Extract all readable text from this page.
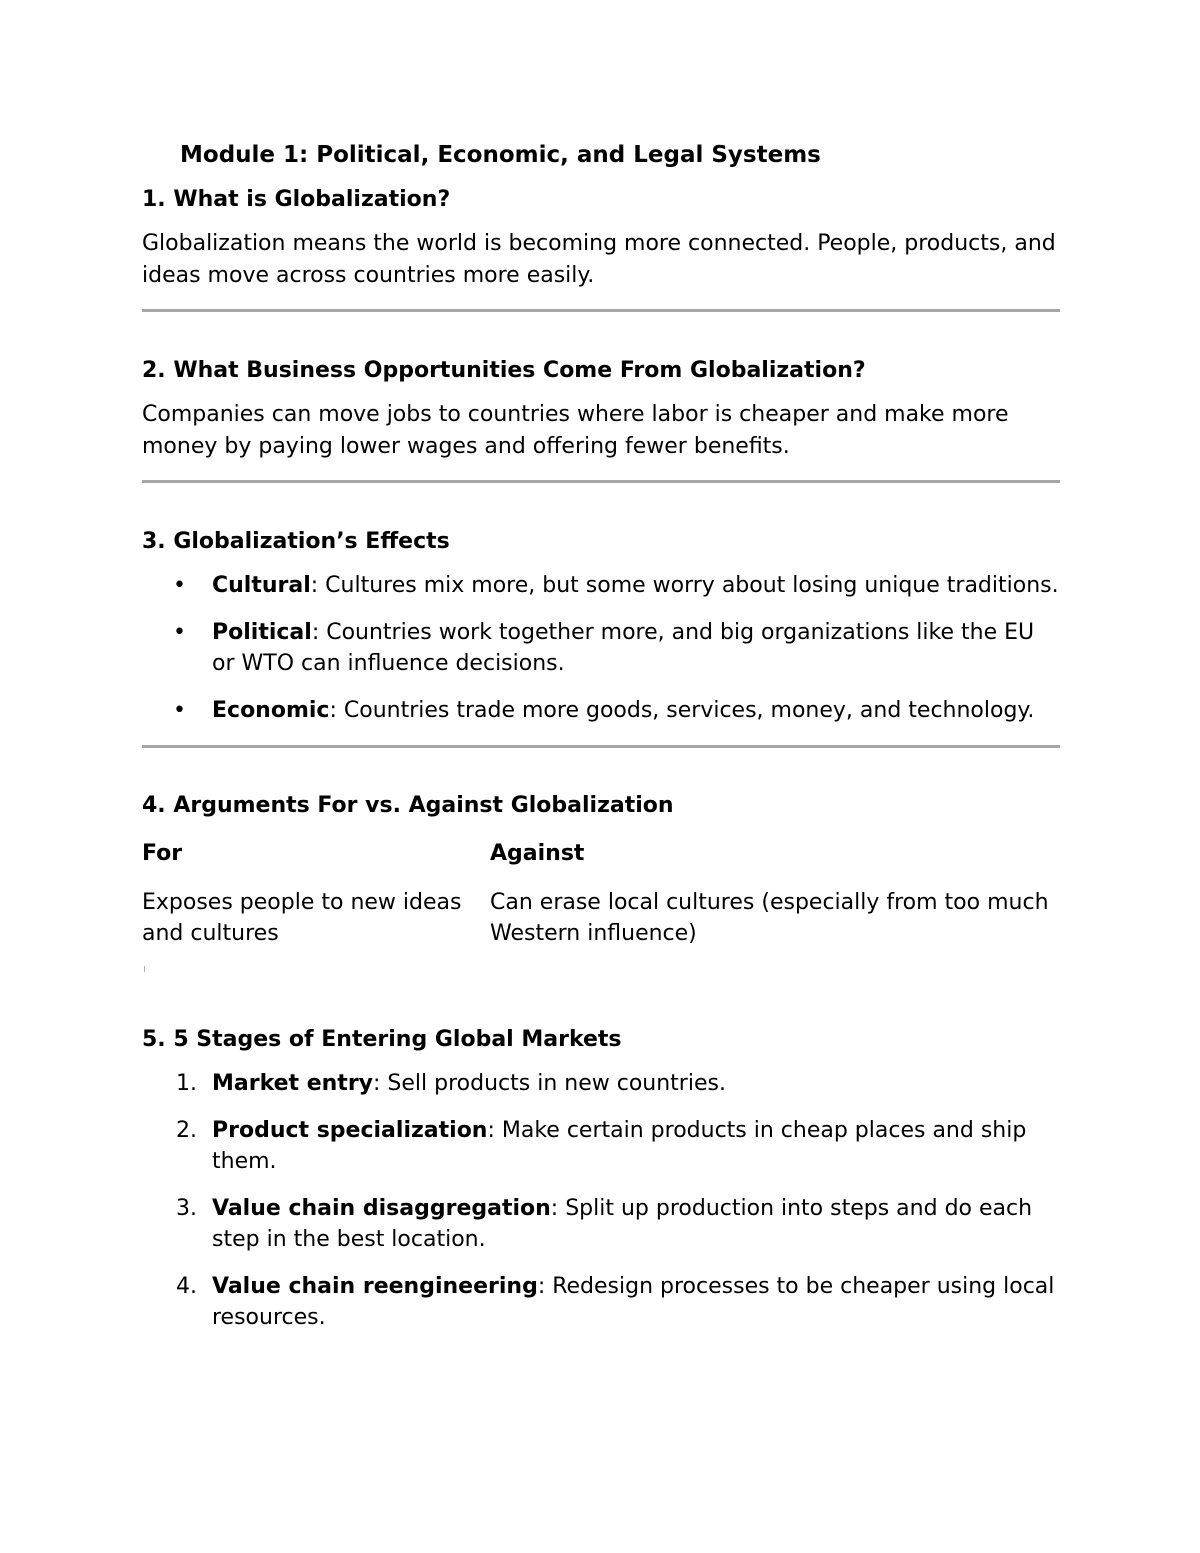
Module 1: Political, Economic, and Legal Systems
1. What is Globalization?

Globalization means the world is becoming more connected. People, products, and ideas move across countries more easily.

2. What Business Opportunities Come From Globalization?

Companies can move jobs to countries where labor is cheaper and make more money by paying lower wages and offering fewer benefits.

3. Globalization’s Effects
• Cultural: Cultures mix more, but some worry about losing unique traditions.
• Political: Countries work together more, and big organizations like the EU or WTO can influence decisions.
• Economic: Countries trade more goods, services, money, and technology.
4. Arguments For vs. Against Globalization
For	Against
Exposes people to new ideas and cultures
Can erase local cultures (especially from too much Western influence)
5. 5 Stages of Entering Global Markets
1. Market entry: Sell products in new countries.
2. Product specialization: Make certain products in cheap places and ship them.
3. Value chain disaggregation: Split up production into steps and do each step in the best location.
4. Value chain reengineering: Redesign processes to be cheaper using local resources.
